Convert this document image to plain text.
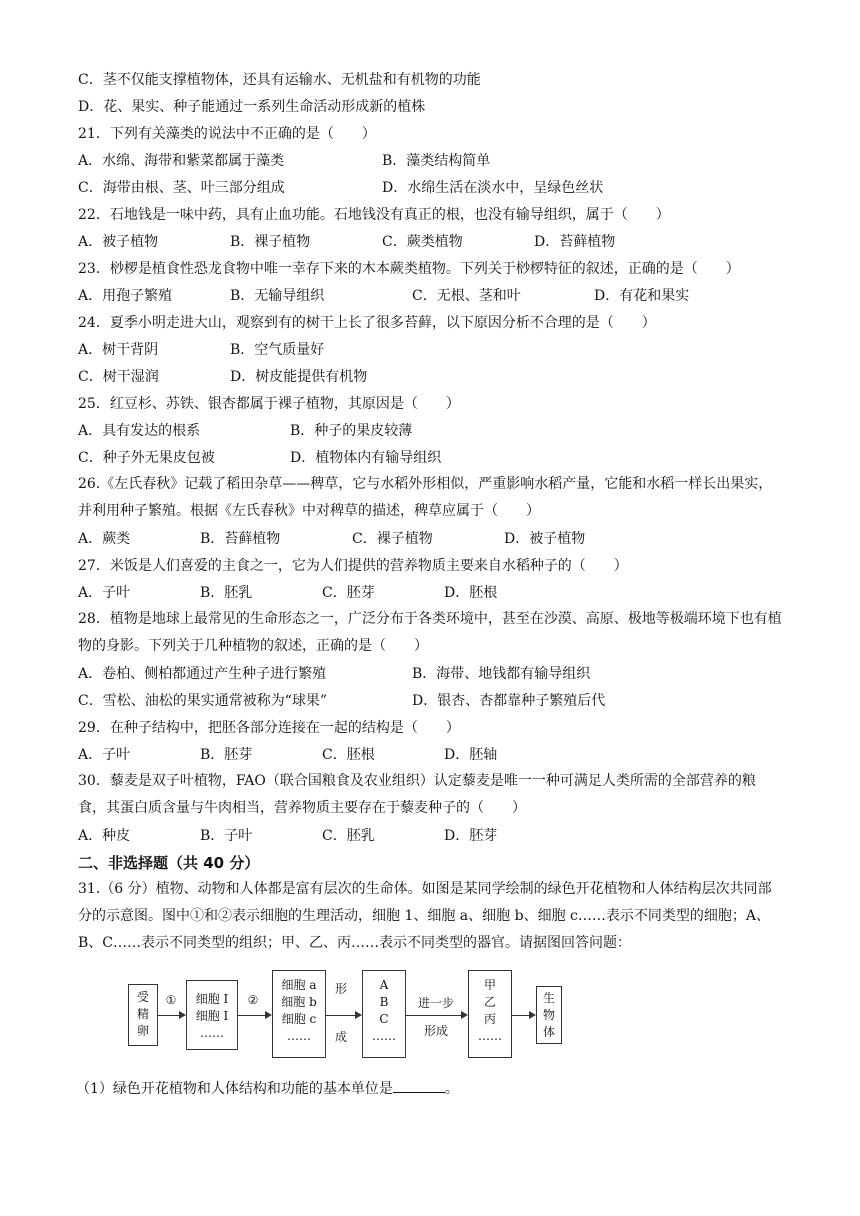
C．茎不仅能支撑植物体，还具有运输水、无机盐和有机物的功能
D．花、果实、种子能通过一系列生命活动形成新的植株
21．下列有关藻类的说法中不正确的是（　　）
A．水绵、海带和紫菜都属于藻类	B．藻类结构简单
C．海带由根、茎、叶三部分组成	D．水绵生活在淡水中，呈绿色丝状
22．石地钱是一味中药，具有止血功能。石地钱没有真正的根，也没有输导组织，属于（　　）
A．被子植物	B．裸子植物	C．蕨类植物	D．苔藓植物
23．桫椤是植食性恐龙食物中唯一幸存下来的木本蕨类植物。下列关于桫椤特征的叙述，正确的是（　　）
A．用孢子繁殖	B．无输导组织	C．无根、茎和叶	D．有花和果实
24．夏季小明走进大山，观察到有的树干上长了很多苔藓，以下原因分析不合理的是（　　）
A．树干背阴	B．空气质量好
C．树干湿润	D．树皮能提供有机物
25．红豆杉、苏铁、银杏都属于裸子植物，其原因是（　　）
A．具有发达的根系	B．种子的果皮较薄
C．种子外无果皮包被	D．植物体内有输导组织
26.《左氏春秋》记载了稻田杂草——稗草，它与水稻外形相似，严重影响水稻产量，它能和水稻一样长出果实，并利用种子繁殖。根据《左氏春秋》中对稗草的描述，稗草应属于（　　）
A．蕨类	B．苔藓植物	C．裸子植物	D．被子植物
27．米饭是人们喜爱的主食之一，它为人们提供的营养物质主要来自水稻种子的（　　）
A．子叶	B．胚乳	C．胚芽	D．胚根
28．植物是地球上最常见的生命形态之一，广泛分布于各类环境中，甚至在沙漠、高原、极地等极端环境下也有植物的身影。下列关于几种植物的叙述，正确的是（　　）
A．卷柏、侧柏都通过产生种子进行繁殖	B．海带、地钱都有输导组织
C．雪松、油松的果实通常被称为“球果”	D．银杏、杏都靠种子繁殖后代
29．在种子结构中，把胚各部分连接在一起的结构是（　　）
A．子叶	B．胚芽	C．胚根	D．胚轴
30．藜麦是双子叶植物，FAO（联合国粮食及农业组织）认定藜麦是唯一一种可满足人类所需的全部营养的粮食，其蛋白质含量与牛肉相当，营养物质主要存在于藜麦种子的（　　）
A．种皮	B．子叶	C．胚乳	D．胚芽
二、非选择题（共 40 分）
31.（6 分）植物、动物和人体都是富有层次的生命体。如图是某同学绘制的绿色开花植物和人体结构层次共同部分的示意图。图中①和②表示细胞的生理活动，细胞 1、细胞 a、细胞 b、细胞 c……表示不同类型的细胞；A、B、C……表示不同类型的组织；甲、乙、丙……表示不同类型的器官。请据图回答问题：
受
精
卵
①	细胞 I
细胞 I
……
②
细胞 a
细胞 b
细胞 c
……
形
成
A
B
C
……
进一步
形成
甲
乙
丙
……
生
物
体
（1）绿色开花植物和人体结构和功能的基本单位是	。
